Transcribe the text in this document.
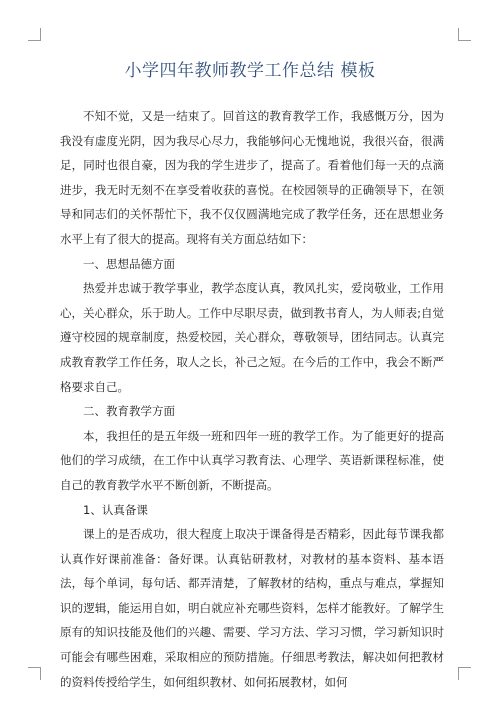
小学四年教师教学工作总结 模板

不知不觉，又是一结束了。回首这的教育教学工作，我感慨万分，因为我没有虚度光阴，因为我尽心尽力，我能够问心无愧地说，我很兴奋，很满足，同时也很自豪，因为我的学生进步了，提高了。看着他们每一天的点滴进步，我无时无刻不在享受着收获的喜悦。在校园领导的正确领导下，在领导和同志们的关怀帮忙下，我不仅仅圆满地完成了教学任务，还在思想业务水平上有了很大的提高。现将有关方面总结如下：

一、思想品德方面

热爱并忠诚于教学事业，教学态度认真，教风扎实，爱岗敬业，工作用心，关心群众，乐于助人。工作中尽职尽责，做到教书育人，为人师表;自觉遵守校园的规章制度，热爱校园，关心群众，尊敬领导，团结同志。认真完成教育教学工作任务，取人之长，补己之短。在今后的工作中，我会不断严格要求自己。

二、教育教学方面

本，我担任的是五年级一班和四年一班的教学工作。为了能更好的提高他们的学习成绩，在工作中认真学习教育法、心理学、英语新课程标准，使自己的教育教学水平不断创新，不断提高。

1、认真备课

课上的是否成功，很大程度上取决于课备得是否精彩，因此每节课我都认真作好课前准备：备好课。认真钻研教材，对教材的基本资料、基本语法，每个单词，每句话、都弄清楚，了解教材的结构，重点与难点，掌握知识的逻辑，能运用自如，明白就应补充哪些资料，怎样才能教好。了解学生原有的知识技能及他们的兴趣、需要、学习方法、学习习惯，学习新知识时可能会有哪些困难，采取相应的预防措施。仔细思考教法，解决如何把教材的资料传授给学生，如何组织教材、如何拓展教材，如何
